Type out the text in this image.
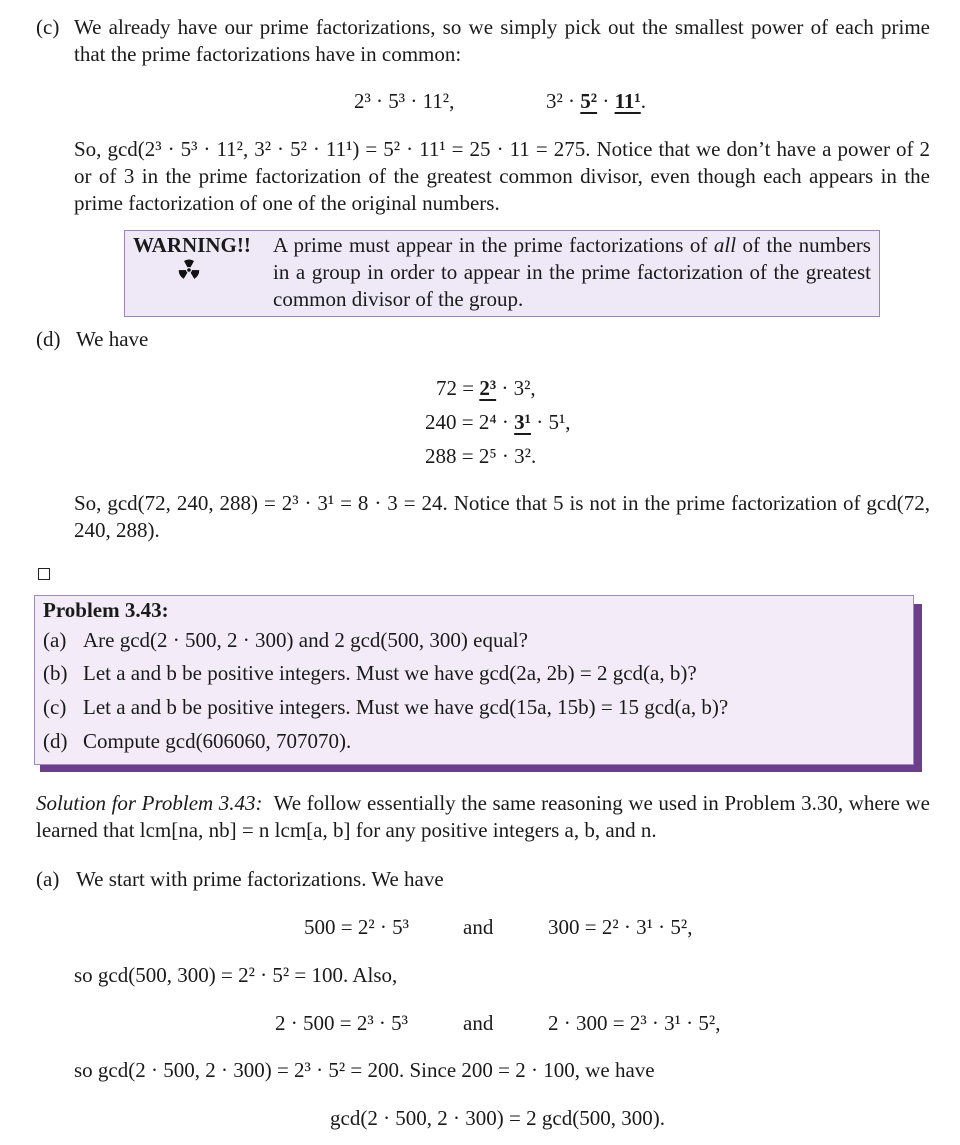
(c) We already have our prime factorizations, so we simply pick out the smallest power of each prime that the prime factorizations have in common:
2³ · 5³ · 11²,	3² · 5² · 11¹.
So, gcd(2³ · 5³ · 11², 3² · 5² · 11¹) = 5² · 11¹ = 25 · 11 = 275. Notice that we don’t have a power of 2 or of 3 in the prime factorization of the greatest common divisor, even though each appears in the prime factorization of one of the original numbers.
WARNING!! A prime must appear in the prime factorizations of all of the numbers in a group in order to appear in the prime factorization of the greatest common divisor of the group.
(d) We have
72 = 2³ · 3²,
240 = 2⁴ · 3¹ · 5¹,
288 = 2⁵ · 3².
So, gcd(72, 240, 288) = 2³ · 3¹ = 8 · 3 = 24. Notice that 5 is not in the prime factorization of gcd(72, 240, 288).
Problem 3.43:
(a) Are gcd(2 · 500, 2 · 300) and 2 gcd(500, 300) equal?
(b) Let a and b be positive integers. Must we have gcd(2a, 2b) = 2 gcd(a, b)?
(c) Let a and b be positive integers. Must we have gcd(15a, 15b) = 15 gcd(a, b)?
(d) Compute gcd(606060, 707070).
Solution for Problem 3.43: We follow essentially the same reasoning we used in Problem 3.30, where we learned that lcm[na, nb] = n lcm[a, b] for any positive integers a, b, and n.
(a) We start with prime factorizations. We have
500 = 2² · 5³	and	300 = 2² · 3¹ · 5²,
so gcd(500, 300) = 2² · 5² = 100. Also,
2 · 500 = 2³ · 5³	and	2 · 300 = 2³ · 3¹ · 5²,
so gcd(2 · 500, 2 · 300) = 2³ · 5² = 200. Since 200 = 2 · 100, we have
gcd(2 · 500, 2 · 300) = 2 gcd(500, 300).
